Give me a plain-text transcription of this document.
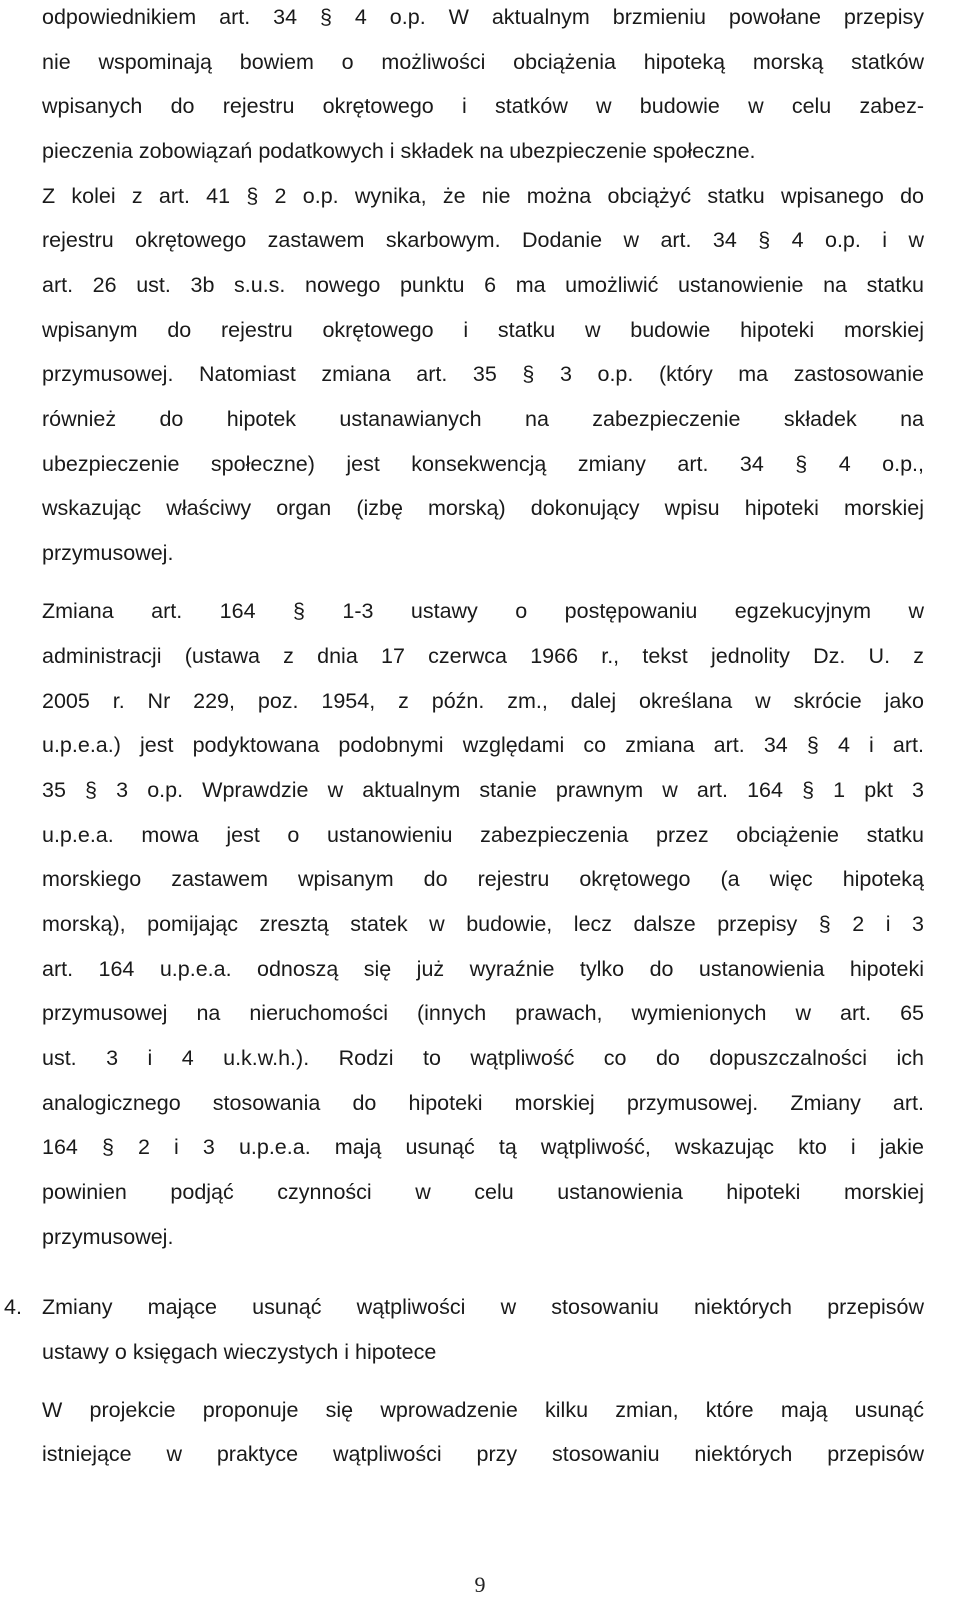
odpowiednikiem art. 34 § 4 o.p. W aktualnym brzmieniu powołane przepisy
nie wspominają bowiem o możliwości obciążenia hipoteką morską statków
wpisanych do rejestru okrętowego i statków w budowie w celu zabez-
pieczenia zobowiązań podatkowych i składek na ubezpieczenie społeczne.
Z kolei z art. 41 § 2 o.p. wynika, że nie można obciążyć statku wpisanego do
rejestru okrętowego zastawem skarbowym. Dodanie w art. 34 § 4 o.p. i w
art. 26 ust. 3b s.u.s. nowego punktu 6 ma umożliwić ustanowienie na statku
wpisanym do rejestru okrętowego i statku w budowie hipoteki morskiej
przymusowej. Natomiast zmiana art. 35 § 3 o.p. (który ma zastosowanie
również do hipotek ustanawianych na zabezpieczenie składek na
ubezpieczenie społeczne) jest konsekwencją zmiany art. 34 § 4 o.p.,
wskazując właściwy organ (izbę morską) dokonujący wpisu hipoteki morskiej
przymusowej.
Zmiana art. 164 § 1-3 ustawy o postępowaniu egzekucyjnym w
administracji (ustawa z dnia 17 czerwca 1966 r., tekst jednolity Dz. U. z
2005 r. Nr 229, poz. 1954, z późn. zm., dalej określana w skrócie jako
u.p.e.a.) jest podyktowana podobnymi względami co zmiana art. 34 § 4 i art.
35 § 3 o.p. Wprawdzie w aktualnym stanie prawnym w art. 164 § 1 pkt 3
u.p.e.a. mowa jest o ustanowieniu zabezpieczenia przez obciążenie statku
morskiego zastawem wpisanym do rejestru okrętowego (a więc hipoteką
morską), pomijając zresztą statek w budowie, lecz dalsze przepisy § 2 i 3
art. 164 u.p.e.a. odnoszą się już wyraźnie tylko do ustanowienia hipoteki
przymusowej na nieruchomości (innych prawach, wymienionych w art. 65
ust. 3 i 4 u.k.w.h.). Rodzi to wątpliwość co do dopuszczalności ich
analogicznego stosowania do hipoteki morskiej przymusowej. Zmiany art.
164 § 2 i 3 u.p.e.a. mają usunąć tą wątpliwość, wskazując kto i jakie
powinien podjąć czynności w celu ustanowienia hipoteki morskiej
przymusowej.
4. Zmiany mające usunąć wątpliwości w stosowaniu niektórych przepisów
ustawy o księgach wieczystych i hipotece
W projekcie proponuje się wprowadzenie kilku zmian, które mają usunąć
istniejące w praktyce wątpliwości przy stosowaniu niektórych przepisów
9
